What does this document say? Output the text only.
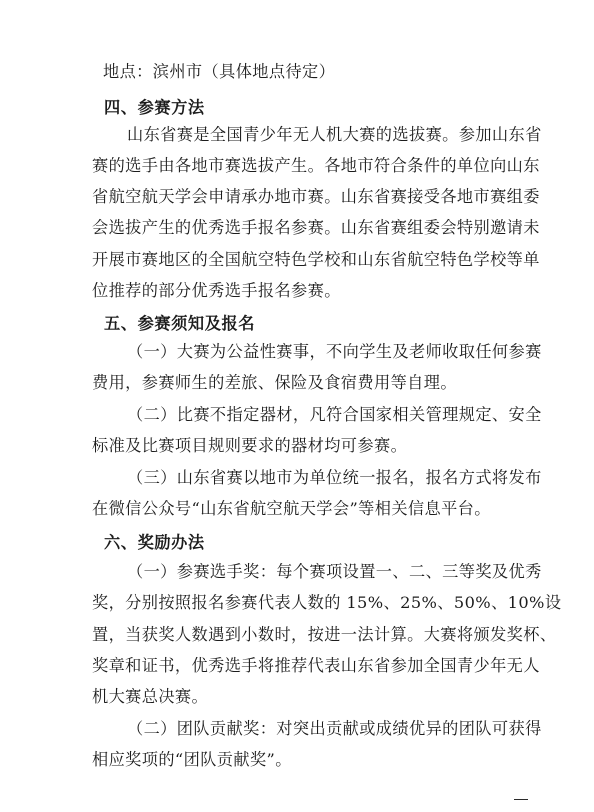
地点：滨州市（具体地点待定）
四、参赛方法
山东省赛是全国青少年无人机大赛的选拔赛。参加山东省
赛的选手由各地市赛选拔产生。各地市符合条件的单位向山东
省航空航天学会申请承办地市赛。山东省赛接受各地市赛组委
会选拔产生的优秀选手报名参赛。山东省赛组委会特别邀请未
开展市赛地区的全国航空特色学校和山东省航空特色学校等单
位推荐的部分优秀选手报名参赛。
五、参赛须知及报名
（一）大赛为公益性赛事，不向学生及老师收取任何参赛
费用，参赛师生的差旅、保险及食宿费用等自理。
（二）比赛不指定器材，凡符合国家相关管理规定、安全
标准及比赛项目规则要求的器材均可参赛。
（三）山东省赛以地市为单位统一报名，报名方式将发布
在微信公众号“山东省航空航天学会”等相关信息平台。
六、奖励办法
（一）参赛选手奖：每个赛项设置一、二、三等奖及优秀
奖，分别按照报名参赛代表人数的 15%、25%、50%、10%设
置，当获奖人数遇到小数时，按进一法计算。大赛将颁发奖杯、
奖章和证书，优秀选手将推荐代表山东省参加全国青少年无人
机大赛总决赛。
（二）团队贡献奖：对突出贡献或成绩优异的团队可获得
相应奖项的“团队贡献奖”。
